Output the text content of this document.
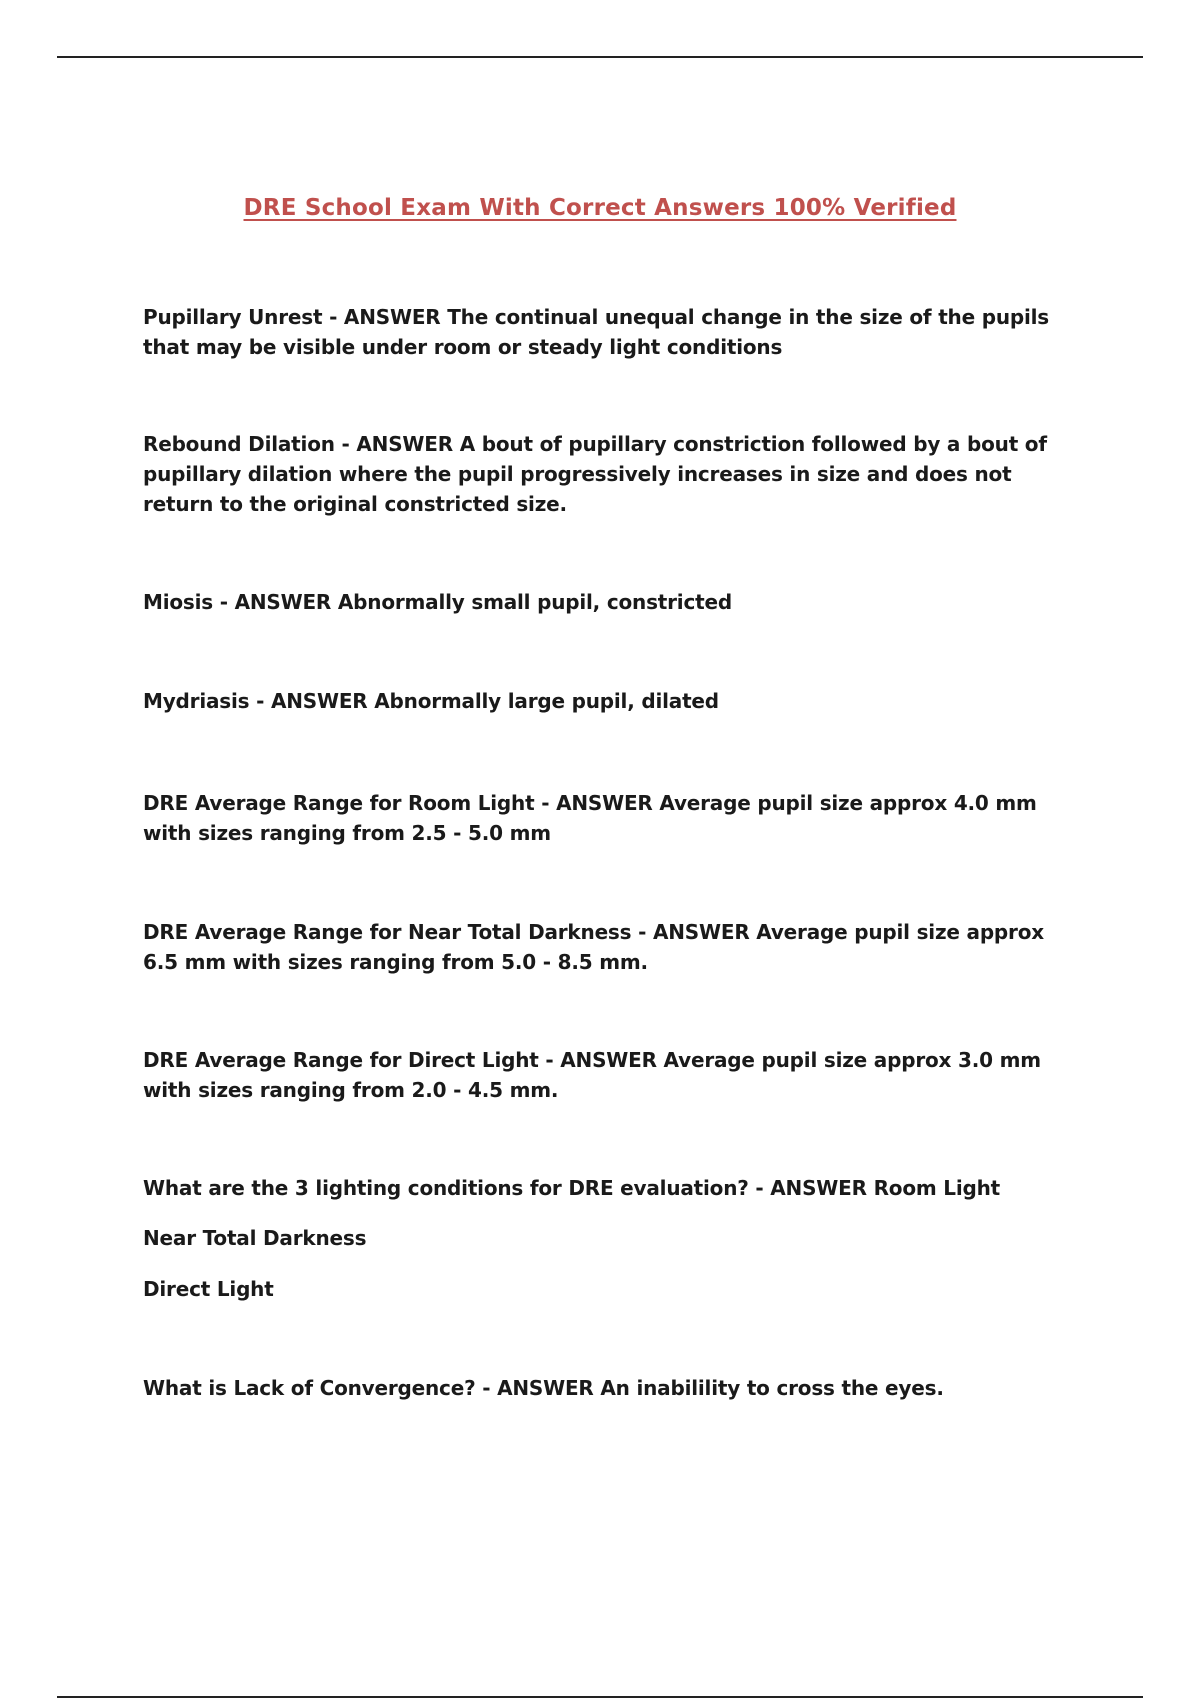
DRE School Exam With Correct Answers 100% Verified

Pupillary Unrest - ANSWER The continual unequal change in the size of the pupils that may be visible under room or steady light conditions

Rebound Dilation - ANSWER A bout of pupillary constriction followed by a bout of pupillary dilation where the pupil progressively increases in size and does not return to the original constricted size.

Miosis - ANSWER Abnormally small pupil, constricted

Mydriasis - ANSWER Abnormally large pupil, dilated

DRE Average Range for Room Light - ANSWER Average pupil size approx 4.0 mm with sizes ranging from 2.5 - 5.0 mm

DRE Average Range for Near Total Darkness - ANSWER Average pupil size approx 6.5 mm with sizes ranging from 5.0 - 8.5 mm.

DRE Average Range for Direct Light - ANSWER Average pupil size approx 3.0 mm with sizes ranging from 2.0 - 4.5 mm.

What are the 3 lighting conditions for DRE evaluation? - ANSWER Room Light

Near Total Darkness

Direct Light

What is Lack of Convergence? - ANSWER An inabilility to cross the eyes.
